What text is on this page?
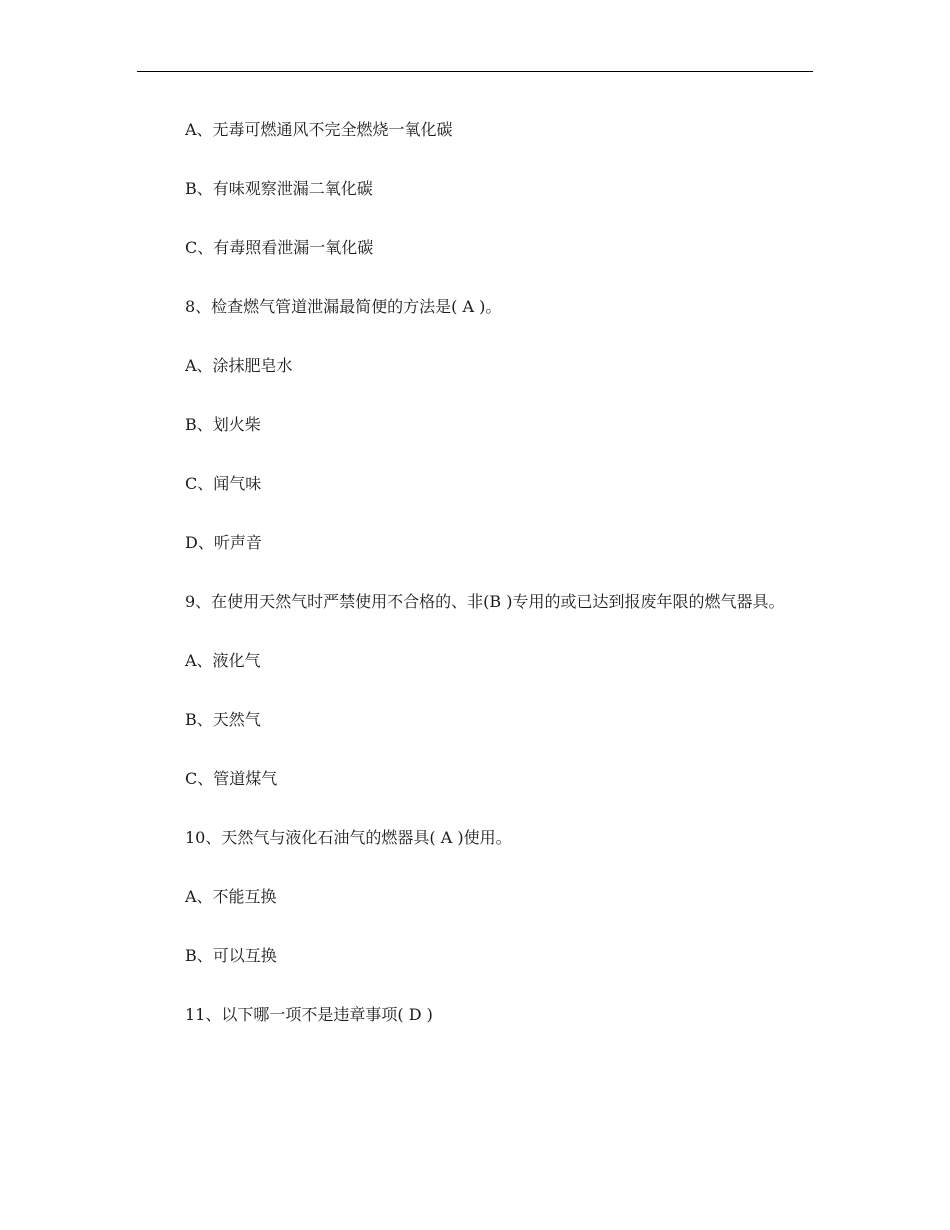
A、无毒可燃通风不完全燃烧一氧化碳

B、有味观察泄漏二氧化碳

C、有毒照看泄漏一氧化碳

8、检查燃气管道泄漏最简便的方法是( A )。

A、涂抹肥皂水

B、划火柴

C、闻气味

D、听声音

9、在使用天然气时严禁使用不合格的、非(B )专用的或已达到报废年限的燃气器具。

A、液化气

B、天然气

C、管道煤气

10、天然气与液化石油气的燃器具( A )使用。

A、不能互换

B、可以互换

11、以下哪一项不是违章事项( D )
